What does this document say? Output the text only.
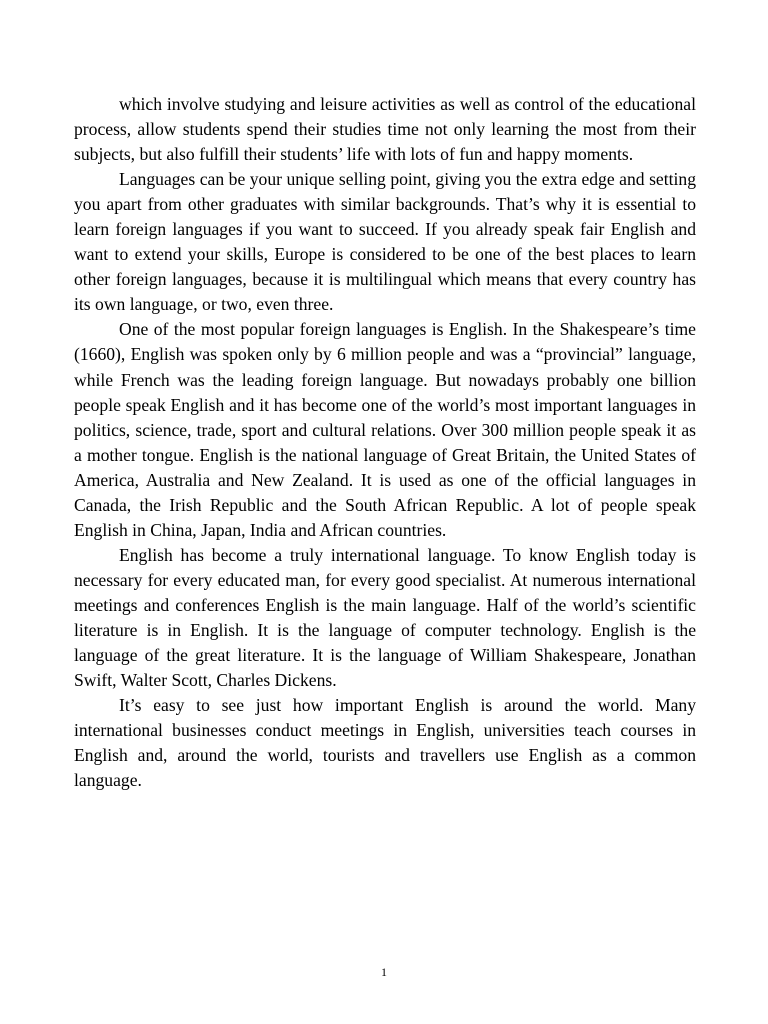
which involve studying and leisure activities as well as control of the educational process, allow students spend their studies time not only learning the most from their subjects, but also fulfill their students’ life with lots of fun and happy moments.

Languages can be your unique selling point, giving you the extra edge and setting you apart from other graduates with similar backgrounds. That’s why it is essential to learn foreign languages if you want to succeed. If you already speak fair English and want to extend your skills, Europe is considered to be one of the best places to learn other foreign languages, because it is multilingual which means that every country has its own language, or two, even three.

One of the most popular foreign languages is English. In the Shakespeare’s time (1660), English was spoken only by 6 million people and was a “provincial” language, while French was the leading foreign language. But nowadays probably one billion people speak English and it has become one of the world’s most important languages in politics, science, trade, sport and cultural relations. Over 300 million people speak it as a mother tongue. English is the national language of Great Britain, the United States of America, Australia and New Zealand. It is used as one of the official languages in Canada, the Irish Republic and the South African Republic. A lot of people speak English in China, Japan, India and African countries.

English has become a truly international language. To know English today is necessary for every educated man, for every good specialist. At numerous international meetings and conferences English is the main language. Half of the world’s scientific literature is in English. It is the language of computer technology. English is the language of the great literature. It is the language of William Shakespeare, Jonathan Swift, Walter Scott, Charles Dickens.

It’s easy to see just how important English is around the world. Many international businesses conduct meetings in English, universities teach courses in English and, around the world, tourists and travellers use English as a common language.

1
